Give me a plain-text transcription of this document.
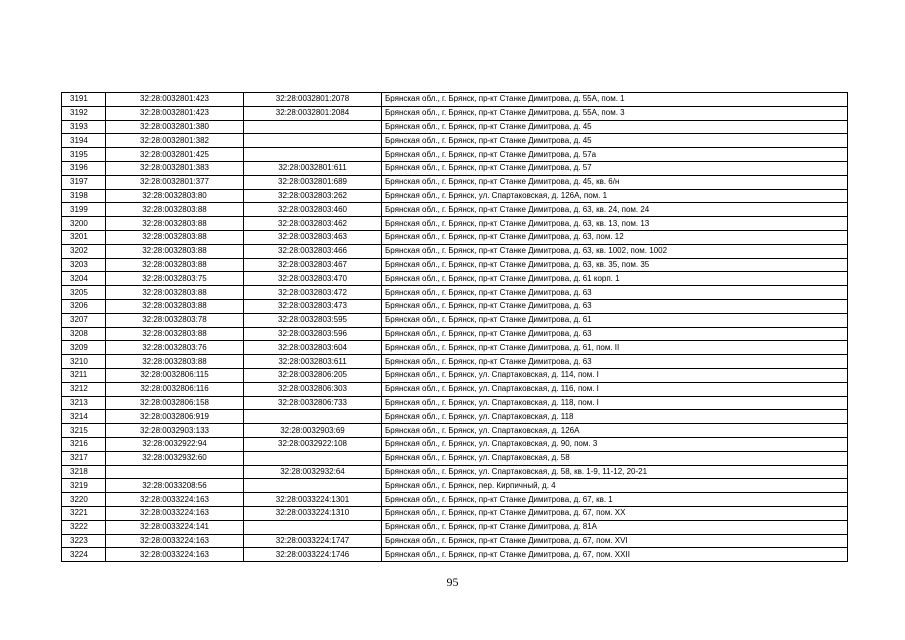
3191	32:28:0032801:423	32:28:0032801:2078	Брянская обл., г. Брянск, пр-кт Станке Димитрова, д. 55А, пом. 1
3192	32:28:0032801:423	32:28:0032801:2084	Брянская обл., г. Брянск, пр-кт Станке Димитрова, д. 55А, пом. 3
3193	32:28:0032801:380		Брянская обл., г. Брянск, пр-кт Станке Димитрова, д. 45
3194	32:28:0032801:382		Брянская обл., г. Брянск, пр-кт Станке Димитрова, д. 45
3195	32:28:0032801:425		Брянская обл., г. Брянск, пр-кт Станке Димитрова, д. 57а
3196	32:28:0032801:383	32:28:0032801:611	Брянская обл., г. Брянск, пр-кт Станке Димитрова, д. 57
3197	32:28:0032801:377	32:28:0032801:689	Брянская обл., г. Брянск, пр-кт Станке Димитрова, д. 45, кв. 6/н
3198	32:28:0032803:80	32:28:0032803:262	Брянская обл., г. Брянск, ул. Спартаковская, д. 126А, пом. 1
3199	32:28:0032803:88	32:28:0032803:460	Брянская обл., г. Брянск, пр-кт Станке Димитрова, д. 63, кв. 24, пом. 24
3200	32:28:0032803:88	32:28:0032803:462	Брянская обл., г. Брянск, пр-кт Станке Димитрова, д. 63, кв. 13, пом. 13
3201	32:28:0032803:88	32:28:0032803:463	Брянская обл., г. Брянск, пр-кт Станке Димитрова, д. 63, пом. 12
3202	32:28:0032803:88	32:28:0032803:466	Брянская обл., г. Брянск, пр-кт Станке Димитрова, д. 63, кв. 1002, пом. 1002
3203	32:28:0032803:88	32:28:0032803:467	Брянская обл., г. Брянск, пр-кт Станке Димитрова, д. 63, кв. 35, пом. 35
3204	32:28:0032803:75	32:28:0032803:470	Брянская обл., г. Брянск, пр-кт Станке Димитрова, д. 61 корп. 1
3205	32:28:0032803:88	32:28:0032803:472	Брянская обл., г. Брянск, пр-кт Станке Димитрова, д. 63
3206	32:28:0032803:88	32:28:0032803:473	Брянская обл., г. Брянск, пр-кт Станке Димитрова, д. 63
3207	32:28:0032803:78	32:28:0032803:595	Брянская обл., г. Брянск, пр-кт Станке Димитрова, д. 61
3208	32:28:0032803:88	32:28:0032803:596	Брянская обл., г. Брянск, пр-кт Станке Димитрова, д. 63
3209	32:28:0032803:76	32:28:0032803:604	Брянская обл., г. Брянск, пр-кт Станке Димитрова, д. 61, пом. II
3210	32:28:0032803:88	32:28:0032803:611	Брянская обл., г. Брянск, пр-кт Станке Димитрова, д. 63
3211	32:28:0032806:115	32:28:0032806:205	Брянская обл., г. Брянск, ул. Спартаковская, д. 114, пом. I
3212	32:28:0032806:116	32:28:0032806:303	Брянская обл., г. Брянск, ул. Спартаковская, д. 116, пом. I
3213	32:28:0032806:158	32:28:0032806:733	Брянская обл., г. Брянск, ул. Спартаковская, д. 118, пом. I
3214	32:28:0032806:919		Брянская обл., г. Брянск, ул. Спартаковская, д. 118
3215	32:28:0032903:133	32:28:0032903:69	Брянская обл., г. Брянск, ул. Спартаковская, д. 126А
3216	32:28:0032922:94	32:28:0032922:108	Брянская обл., г. Брянск, ул. Спартаковская, д. 90, пом. 3
3217	32:28:0032932:60		Брянская обл., г. Брянск, ул. Спартаковская, д. 58
3218		32:28:0032932:64	Брянская обл., г. Брянск, ул. Спартаковская, д. 58, кв. 1-9, 11-12, 20-21
3219	32:28:0033208:56		Брянская обл., г. Брянск, пер. Кирпичный, д. 4
3220	32:28:0033224:163	32:28:0033224:1301	Брянская обл., г. Брянск, пр-кт Станке Димитрова, д. 67, кв. 1
3221	32:28:0033224:163	32:28:0033224:1310	Брянская обл., г. Брянск, пр-кт Станке Димитрова, д. 67, пом. XX
3222	32:28:0033224:141		Брянская обл., г. Брянск, пр-кт Станке Димитрова, д. 81А
3223	32:28:0033224:163	32:28:0033224:1747	Брянская обл., г. Брянск, пр-кт Станке Димитрова, д. 67, пом. XVI
3224	32:28:0033224:163	32:28:0033224:1746	Брянская обл., г. Брянск, пр-кт Станке Димитрова, д. 67, пом. XXII
95
